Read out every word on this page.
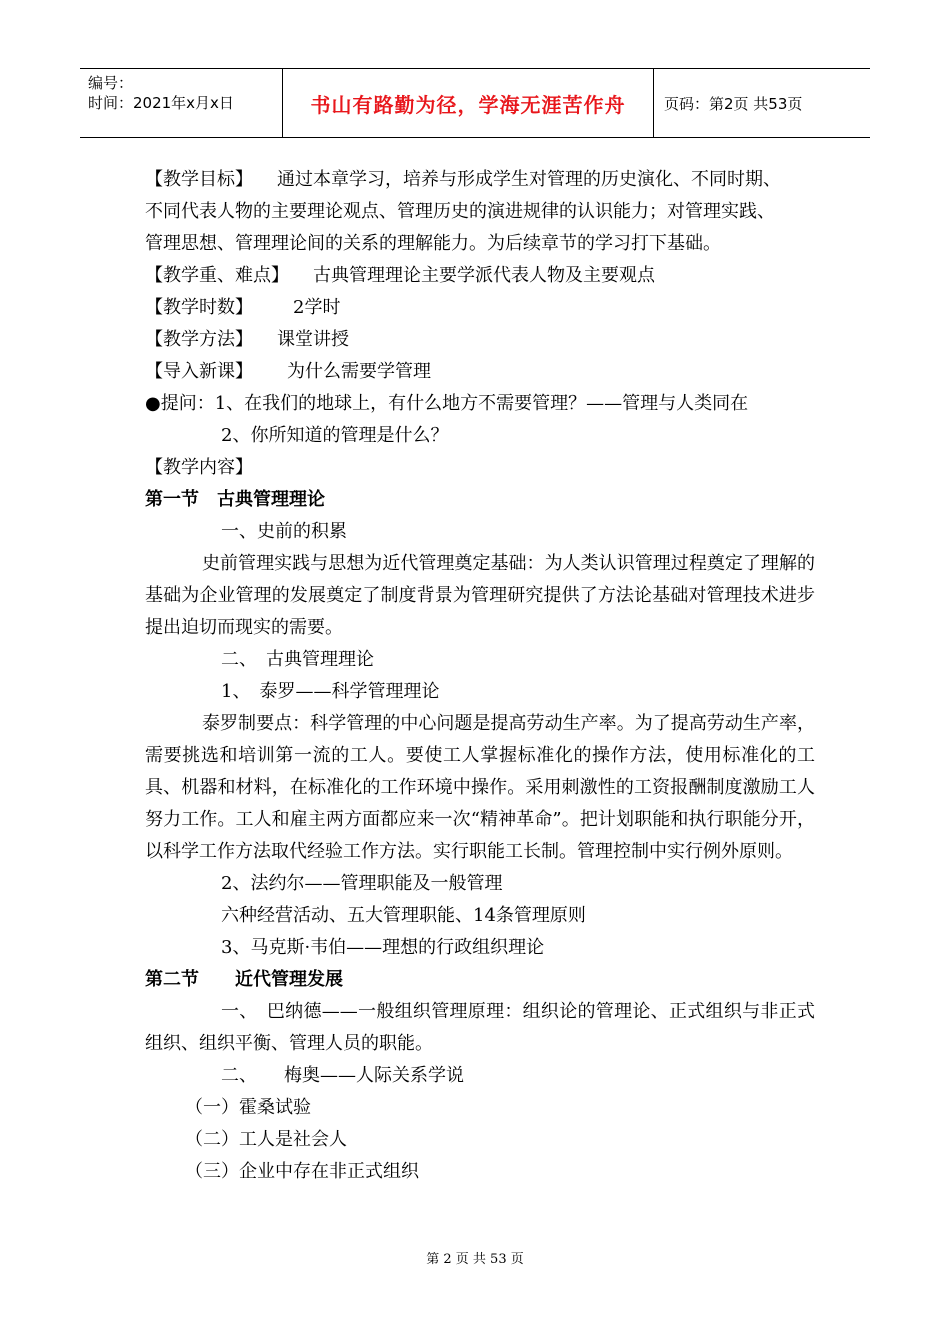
编号：
时间：2021年x月x日	书山有路勤为径，学海无涯苦作舟	页码：第2页 共53页
【教学目标】 通过本章学习，培养与形成学生对管理的历史演化、不同时期、
不同代表人物的主要理论观点、管理历史的演进规律的认识能力；对管理实践、
管理思想、管理理论间的关系的理解能力。为后续章节的学习打下基础。
【教学重、难点】 古典管理理论主要学派代表人物及主要观点
【教学时数】 2学时
【教学方法】 课堂讲授
【导入新课】 为什么需要学管理
●提问：1、在我们的地球上，有什么地方不需要管理？——管理与人类同在
2、你所知道的管理是什么？
【教学内容】
第一节　古典管理理论
一、史前的积累
史前管理实践与思想为近代管理奠定基础：为人类认识管理过程奠定了理解的基础为企业管理的发展奠定了制度背景为管理研究提供了方法论基础对管理技术进步提出迫切而现实的需要。
二、　古典管理理论
1、　泰罗——科学管理理论
泰罗制要点：科学管理的中心问题是提高劳动生产率。为了提高劳动生产率，需要挑选和培训第一流的工人。要使工人掌握标准化的操作方法，使用标准化的工具、机器和材料，在标准化的工作环境中操作。采用刺激性的工资报酬制度激励工人努力工作。工人和雇主两方面都应来一次“精神革命”。把计划职能和执行职能分开，以科学工作方法取代经验工作方法。实行职能工长制。管理控制中实行例外原则。
2、法约尔——管理职能及一般管理
六种经营活动、五大管理职能、14条管理原则
3、马克斯·韦伯——理想的行政组织理论
第二节　　近代管理发展
一、　巴纳德——一般组织管理原理：组织论的管理论、正式组织与非正式组织、组织平衡、管理人员的职能。
二、　　梅奥——人际关系学说
（一）霍桑试验
（二）工人是社会人
（三）企业中存在非正式组织
第 2 页 共 53 页
